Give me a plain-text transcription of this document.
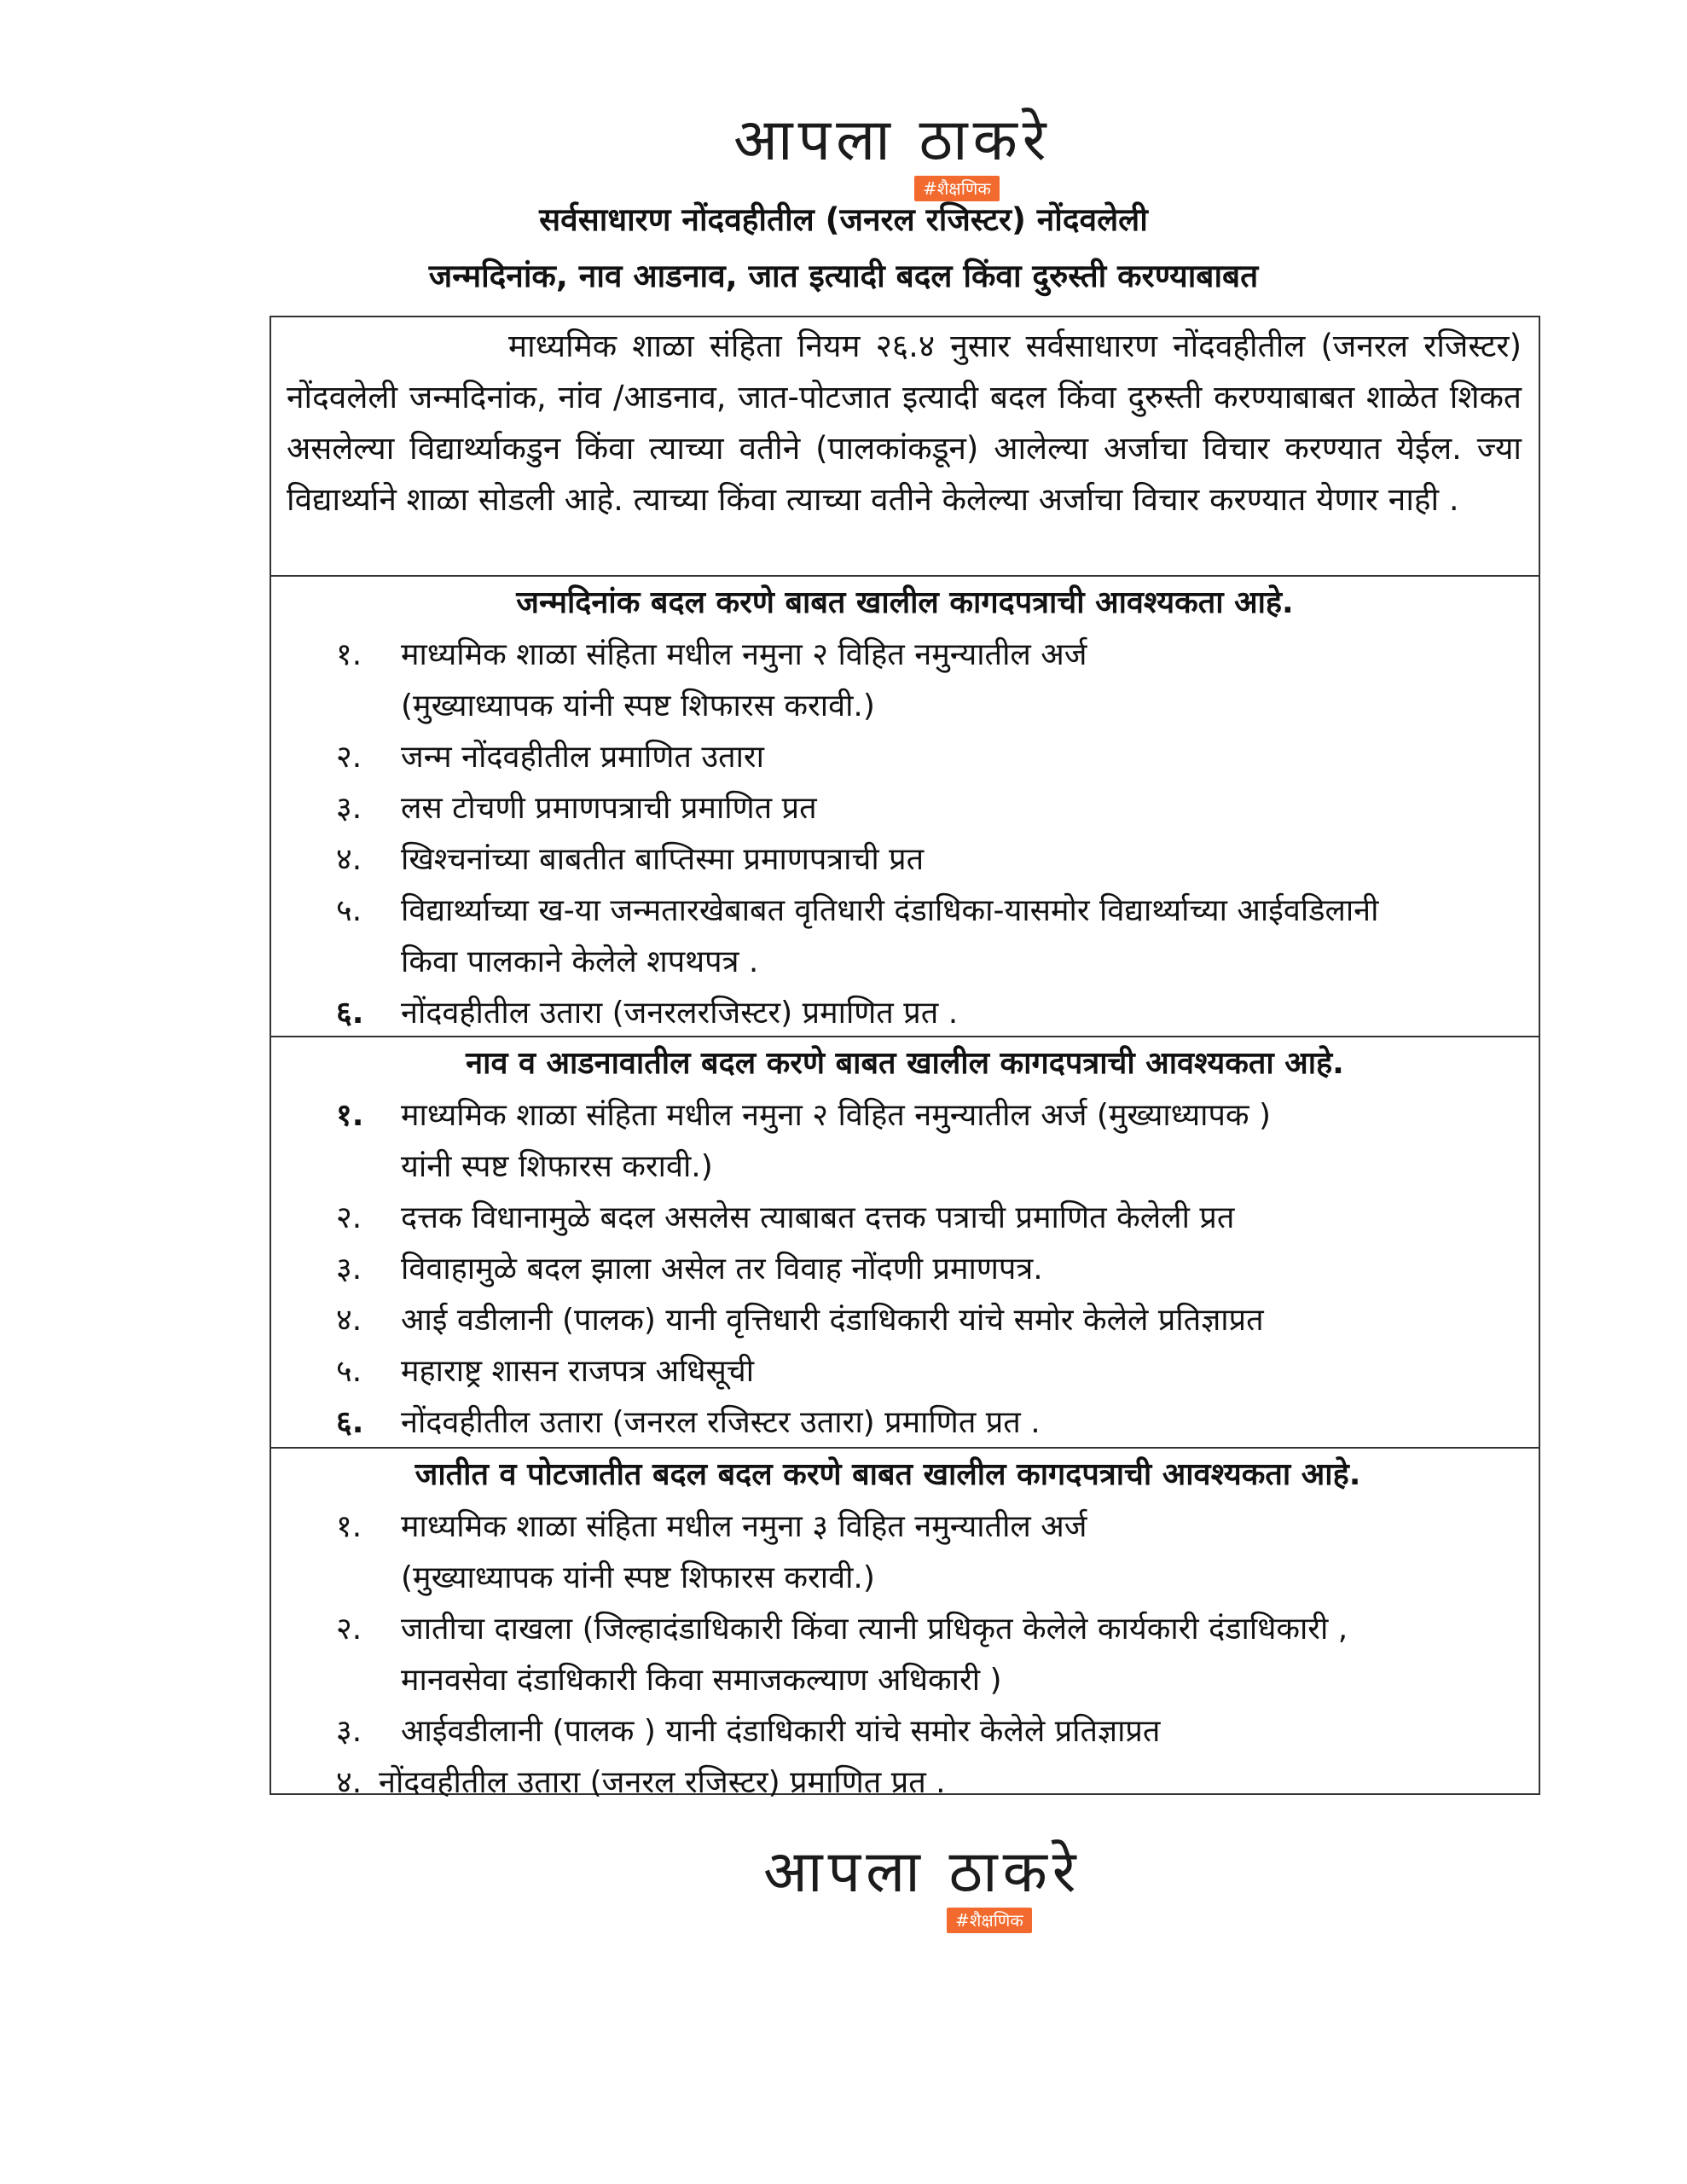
आपला ठाकरे
#शैक्षणिक
सर्वसाधारण नोंदवहीतील (जनरल रजिस्टर) नोंदवलेली
जन्मदिनांक, नाव आडनाव, जात इत्यादी बदल किंवा दुरुस्ती करण्याबाबत
माध्यमिक शाळा संहिता नियम २६.४ नुसार सर्वसाधारण नोंदवहीतील (जनरल रजिस्टर) नोंदवलेली जन्मदिनांक, नांव /आडनाव, जात-पोटजात इत्यादी बदल किंवा दुरुस्ती करण्याबाबत शाळेत शिकत असलेल्या विद्यार्थ्याकडुन किंवा त्याच्या वतीने (पालकांकडून) आलेल्या अर्जाचा विचार करण्यात येईल. ज्या विद्यार्थ्याने शाळा सोडली आहे. त्याच्या किंवा त्याच्या वतीने केलेल्या अर्जाचा विचार करण्यात येणार नाही .
जन्मदिनांक बदल करणे बाबत खालील कागदपत्राची आवश्यकता आहे.
१.	माध्यमिक शाळा संहिता मधील नमुना २ विहित नमुन्यातील अर्ज
(मुख्याध्यापक यांनी स्पष्ट शिफारस करावी.)
२.	जन्म नोंदवहीतील प्रमाणित उतारा
३.	लस टोचणी प्रमाणपत्राची प्रमाणित प्रत
४.	खिश्चनांच्या बाबतीत बाप्तिस्मा प्रमाणपत्राची प्रत
५.	विद्यार्थ्याच्या ख-या जन्मतारखेबाबत वृतिधारी दंडाधिका-यासमोर विद्यार्थ्याच्या आईवडिलानी
किवा पालकाने केलेले शपथपत्र .
६.	नोंदवहीतील उतारा (जनरलरजिस्टर) प्रमाणित प्रत .
नाव व आडनावातील बदल करणे बाबत खालील कागदपत्राची आवश्यकता आहे.
१.	माध्यमिक शाळा संहिता मधील नमुना २ विहित नमुन्यातील अर्ज (मुख्याध्यापक )
यांनी स्पष्ट शिफारस करावी.)
२.	दत्तक विधानामुळे बदल असलेस त्याबाबत दत्तक पत्राची प्रमाणित केलेली प्रत
३.	विवाहामुळे बदल झाला असेल तर विवाह नोंदणी प्रमाणपत्र.
४.	आई वडीलानी (पालक) यानी वृत्तिधारी दंडाधिकारी यांचे समोर केलेले प्रतिज्ञाप्रत
५.	महाराष्ट्र शासन राजपत्र अधिसूची
६.	नोंदवहीतील उतारा (जनरल रजिस्टर उतारा) प्रमाणित प्रत .
जातीत व पोटजातीत बदल बदल करणे बाबत खालील कागदपत्राची आवश्यकता आहे.
१.	माध्यमिक शाळा संहिता मधील नमुना ३ विहित नमुन्यातील अर्ज
(मुख्याध्यापक यांनी स्पष्ट शिफारस करावी.)
२.	जातीचा दाखला (जिल्हादंडाधिकारी किंवा त्यानी प्रधिकृत केलेले कार्यकारी दंडाधिकारी ,
मानवसेवा दंडाधिकारी किवा समाजकल्याण अधिकारी )
३.	आईवडीलानी (पालक ) यानी दंडाधिकारी यांचे समोर केलेले प्रतिज्ञाप्रत
४. नोंदवहीतील उतारा (जनरल रजिस्टर) प्रमाणित प्रत .
आपला ठाकरे
#शैक्षणिक
